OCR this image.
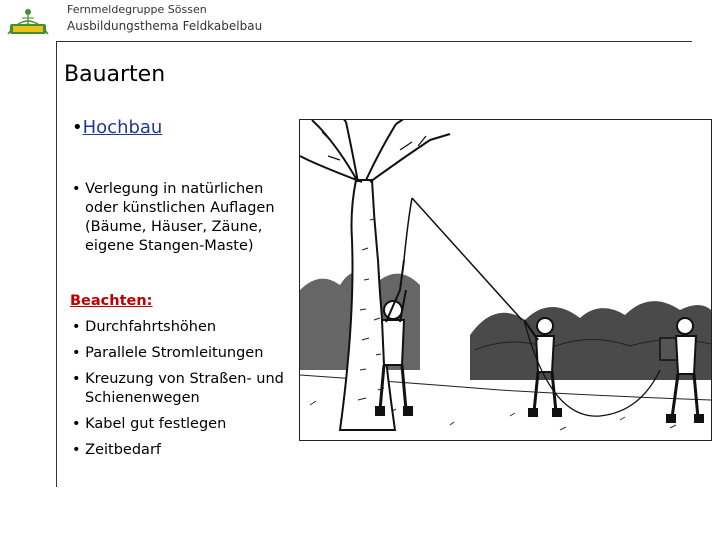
Fernmeldegruppe Sössen
Ausbildungsthema Feldkabelbau
Bauarten
•Hochbau

• Verlegung in natürlichen oder künstlichen Auflagen (Bäume, Häuser, Zäune, eigene Stangen-Maste)

Beachten:

• Durchfahrtshöhen

• Parallele Stromleitungen

• Kreuzung von Straßen- und Schienenwegen

• Kabel gut festlegen

• Zeitbedarf
